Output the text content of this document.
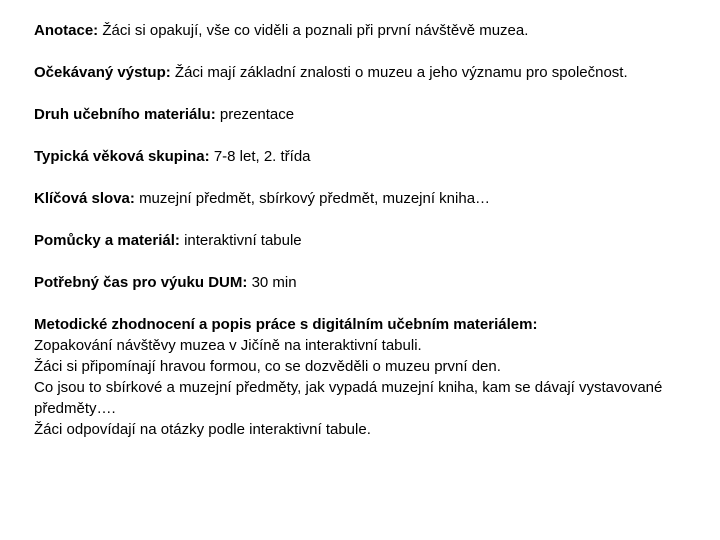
Anotace: Žáci si opakují, vše co viděli a poznali při první návštěvě muzea.

Očekávaný výstup: Žáci mají základní znalosti o muzeu a jeho významu pro společnost.

Druh učebního materiálu: prezentace

Typická věková skupina: 7-8 let, 2. třída

Klíčová slova: muzejní předmět, sbírkový předmět, muzejní kniha…

Pomůcky a materiál: interaktivní tabule

Potřebný čas pro výuku DUM: 30 min

Metodické zhodnocení a popis práce s digitálním učebním materiálem:
Zopakování návštěvy muzea v Jičíně na interaktivní tabuli.
Žáci si připomínají hravou formou, co se dozvěděli o muzeu první den.
Co jsou to sbírkové a muzejní předměty, jak vypadá muzejní kniha, kam se dávají vystavované předměty….
Žáci odpovídají na otázky podle interaktivní tabule.
